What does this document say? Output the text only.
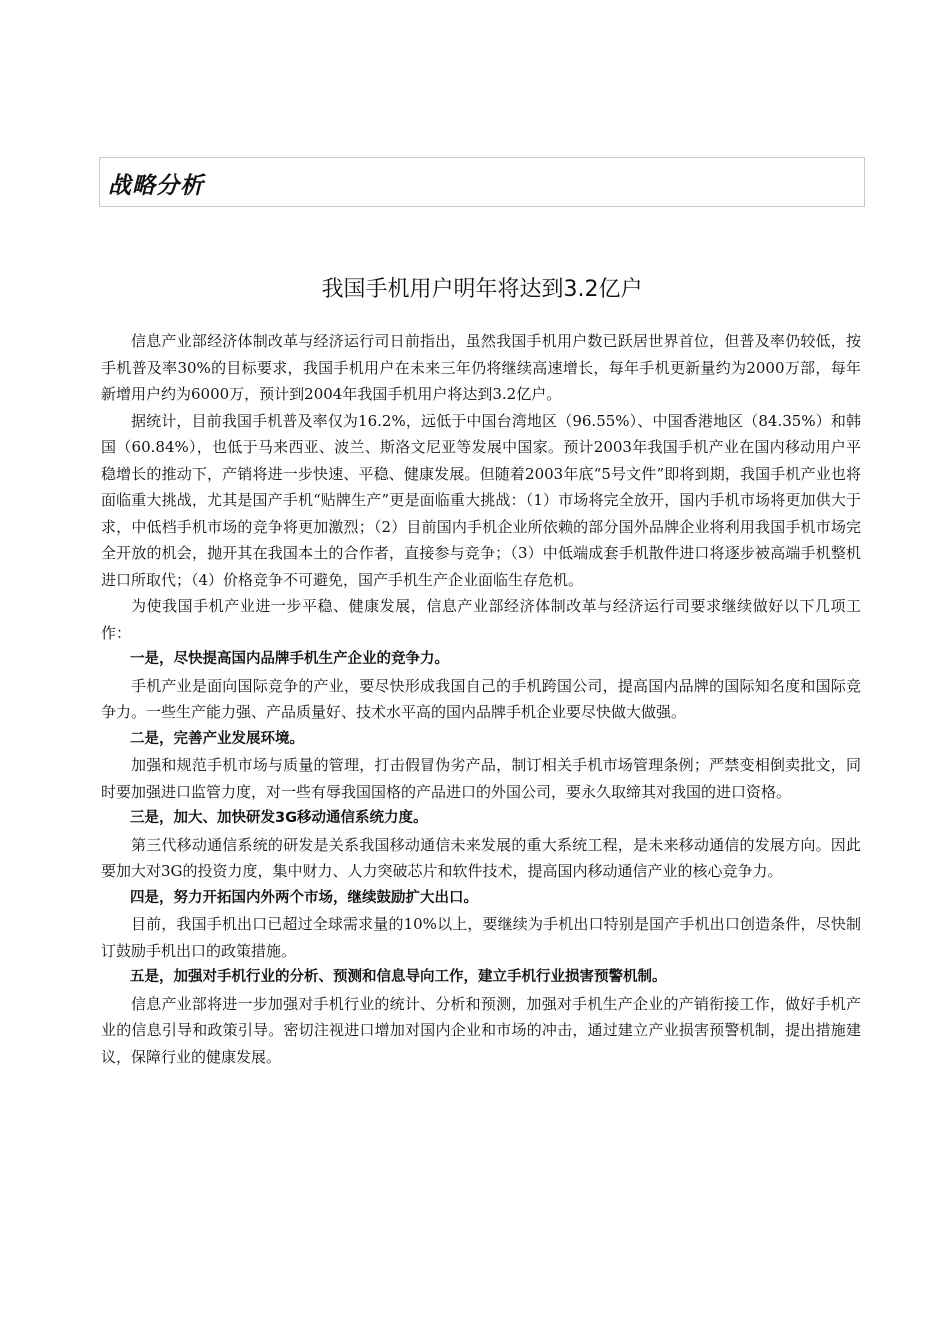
战略分析
我国手机用户明年将达到3.2亿户

信息产业部经济体制改革与经济运行司日前指出，虽然我国手机用户数已跃居世界首位，但普及率仍较低，按手机普及率30%的目标要求，我国手机用户在未来三年仍将继续高速增长，每年手机更新量约为2000万部，每年新增用户约为6000万，预计到2004年我国手机用户将达到3.2亿户。

据统计，目前我国手机普及率仅为16.2%，远低于中国台湾地区（96.55%）、中国香港地区（84.35%）和韩国（60.84%），也低于马来西亚、波兰、斯洛文尼亚等发展中国家。预计2003年我国手机产业在国内移动用户平稳增长的推动下，产销将进一步快速、平稳、健康发展。但随着2003年底“5号文件”即将到期，我国手机产业也将面临重大挑战，尤其是国产手机“贴牌生产”更是面临重大挑战：（1）市场将完全放开，国内手机市场将更加供大于求，中低档手机市场的竞争将更加激烈；（2）目前国内手机企业所依赖的部分国外品牌企业将利用我国手机市场完全开放的机会，抛开其在我国本土的合作者，直接参与竞争；（3）中低端成套手机散件进口将逐步被高端手机整机进口所取代；（4）价格竞争不可避免，国产手机生产企业面临生存危机。

为使我国手机产业进一步平稳、健康发展，信息产业部经济体制改革与经济运行司要求继续做好以下几项工作：

一是，尽快提高国内品牌手机生产企业的竞争力。

手机产业是面向国际竞争的产业，要尽快形成我国自己的手机跨国公司，提高国内品牌的国际知名度和国际竞争力。一些生产能力强、产品质量好、技术水平高的国内品牌手机企业要尽快做大做强。

二是，完善产业发展环境。

加强和规范手机市场与质量的管理，打击假冒伪劣产品，制订相关手机市场管理条例；严禁变相倒卖批文，同时要加强进口监管力度，对一些有辱我国国格的产品进口的外国公司，要永久取缔其对我国的进口资格。

三是，加大、加快研发3G移动通信系统力度。

第三代移动通信系统的研发是关系我国移动通信未来发展的重大系统工程，是未来移动通信的发展方向。因此要加大对3G的投资力度，集中财力、人力突破芯片和软件技术，提高国内移动通信产业的核心竞争力。

四是，努力开拓国内外两个市场，继续鼓励扩大出口。

目前，我国手机出口已超过全球需求量的10%以上，要继续为手机出口特别是国产手机出口创造条件，尽快制订鼓励手机出口的政策措施。

五是，加强对手机行业的分析、预测和信息导向工作，建立手机行业损害预警机制。

信息产业部将进一步加强对手机行业的统计、分析和预测，加强对手机生产企业的产销衔接工作，做好手机产业的信息引导和政策引导。密切注视进口增加对国内企业和市场的冲击，通过建立产业损害预警机制，提出措施建议，保障行业的健康发展。
